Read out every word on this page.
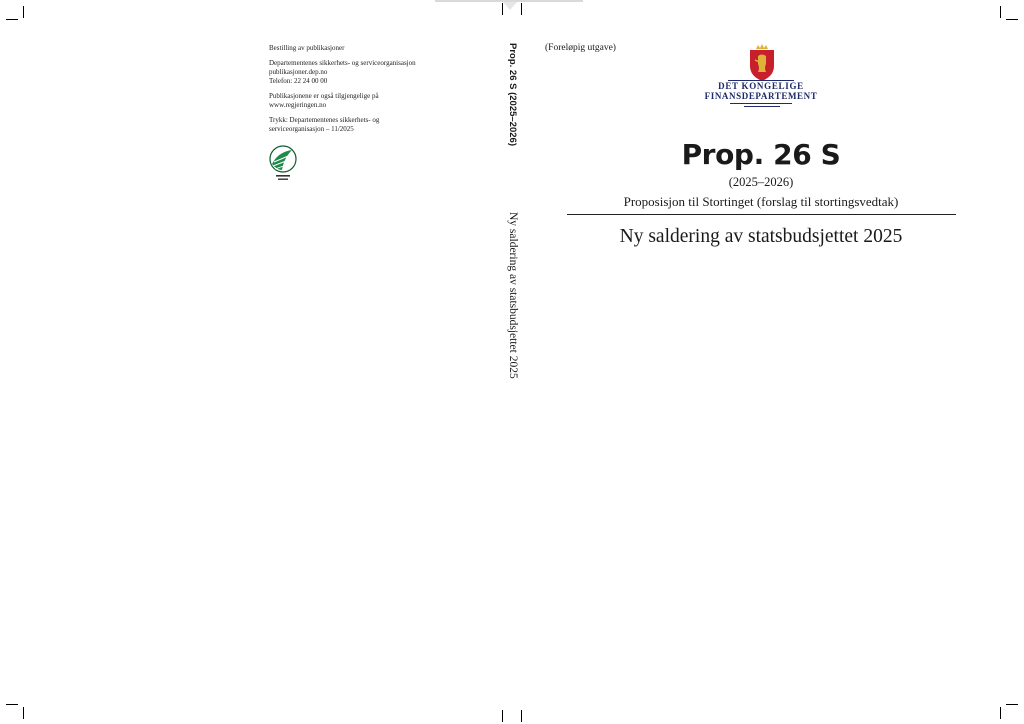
Bestilling av publikasjoner

Departementenes sikkerhets- og serviceorganisasjon
publikasjoner.dep.no
Telefon: 22 24 00 00

Publikasjonene er også tilgjengelige på
www.regjeringen.no

Trykk: Departementenes sikkerhets- og
serviceorganisasjon – 11/2025	Prop. 26 S (2025–2026)
Ny saldering av statsbudsjettet 2025
(Foreløpig utgave)
DET KONGELIGE
FINANSDEPARTEMENT
Prop. 26 S
(2025–2026)
Proposisjon til Stortinget (forslag til stortingsvedtak)
Ny saldering av statsbudsjettet 2025
